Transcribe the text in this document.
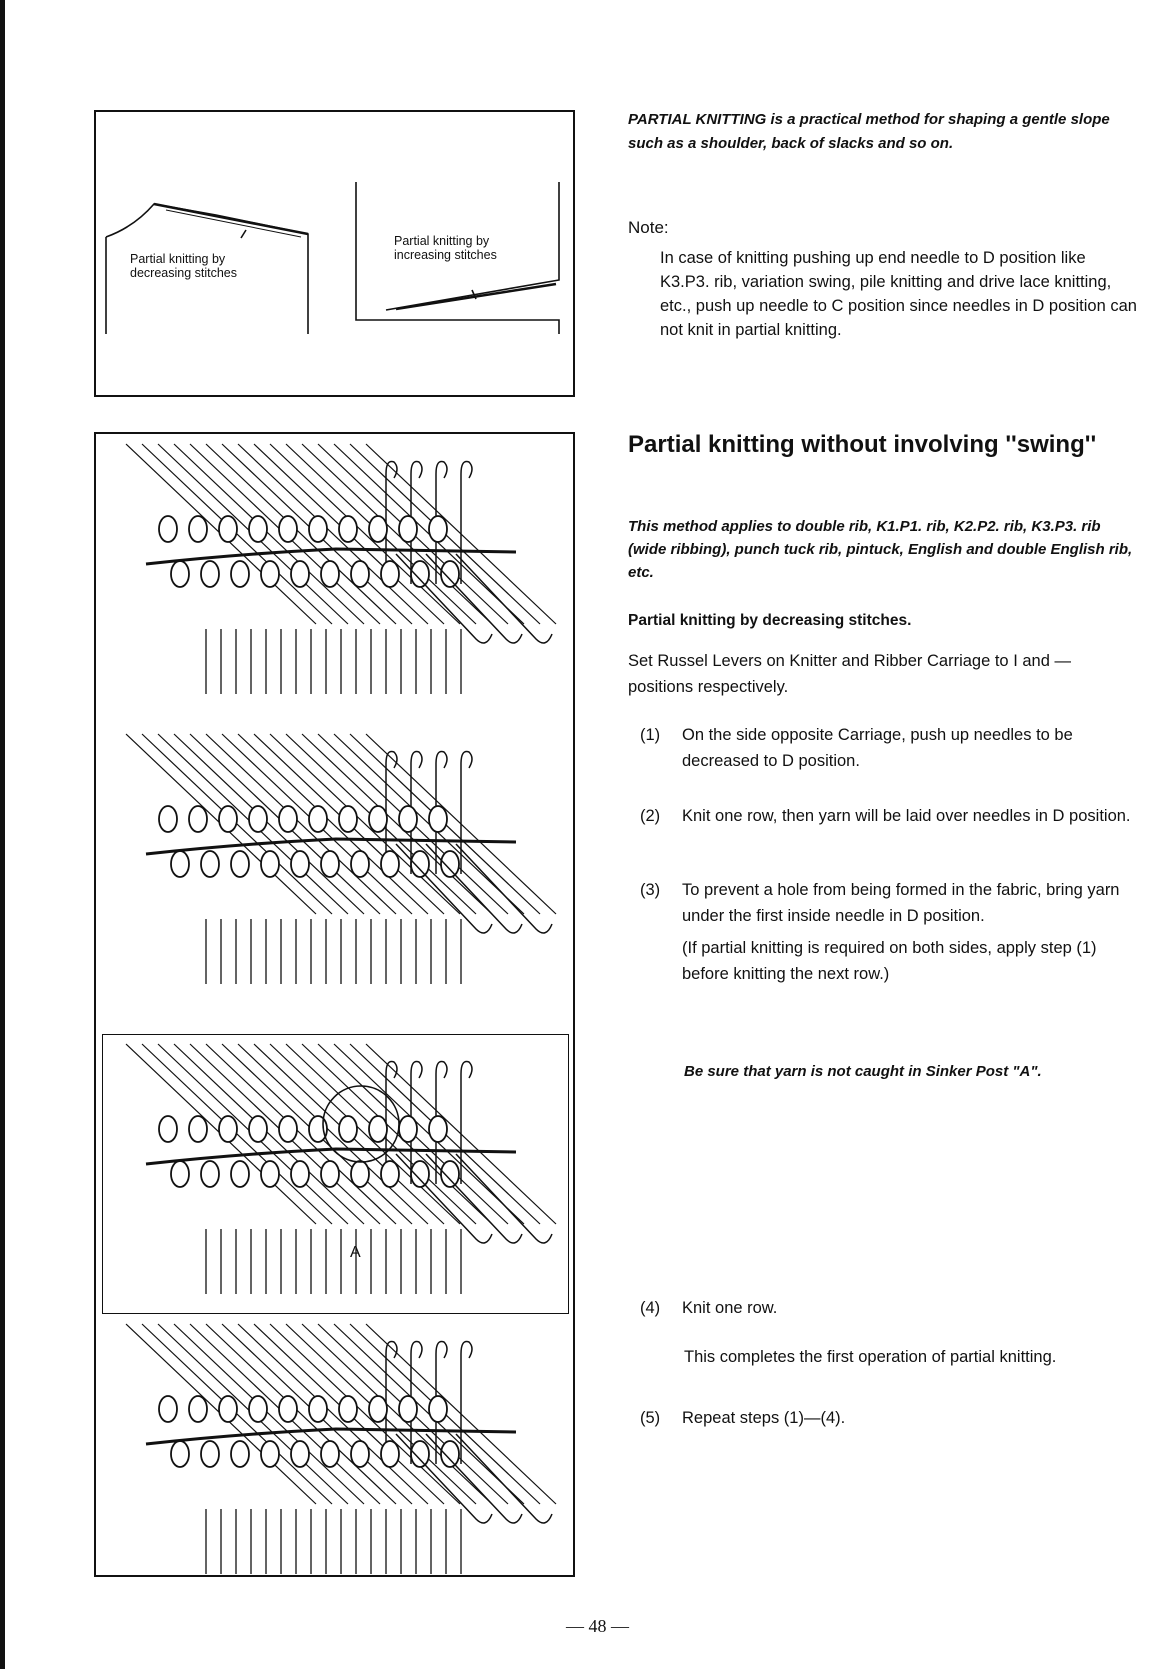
Partial knitting by
decreasing stitches
Partial knitting by
increasing stitches
PARTIAL KNITTING is a practical method for shaping a gentle slope such as a shoulder, back of slacks and so on.
Note:
In case of knitting pushing up end needle to D position like K3.P3. rib, variation swing, pile knitting and drive lace knitting, etc., push up needle to C position since needles in D position can not knit in partial knitting.
Partial knitting without involving ''swing''
This method applies to double rib, K1.P1. rib, K2.P2. rib, K3.P3. rib (wide ribbing), punch tuck rib, pintuck, English and double English rib, etc.
Partial knitting by decreasing stitches.
Set Russel Levers on Knitter and Ribber Carriage to I and — positions respectively.
(1) On the side opposite Carriage, push up needles to be decreased to D position.
(2) Knit one row, then yarn will be laid over needles in D position.
(3) To prevent a hole from being formed in the fabric, bring yarn under the first inside needle in D position.
(If partial knitting is required on both sides, apply step (1) before knitting the next row.)
Be sure that yarn is not caught in Sinker Post "A".
(4) Knit one row.
This completes the first operation of partial knitting.
(5) Repeat steps (1)—(4).
A
— 48 —
